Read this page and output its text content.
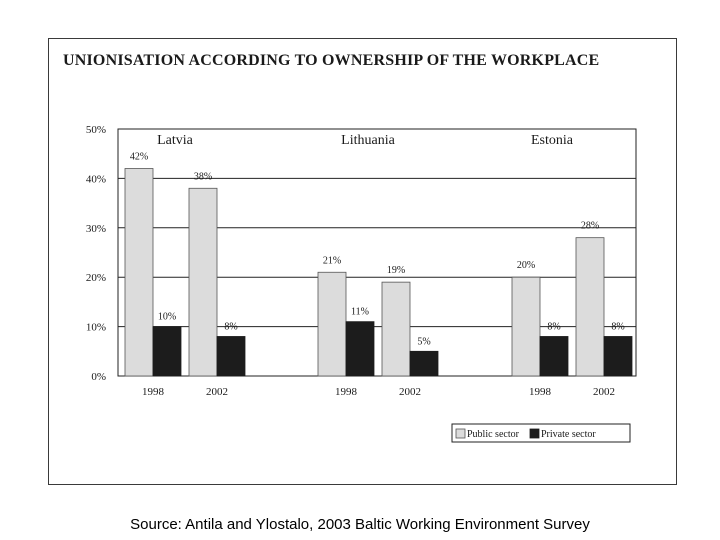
UNIONISATION ACCORDING TO OWNERSHIP OF THE WORKPLACE
0%
10%
20%
30%
40%
50%
42%
10%
1998
38%
8%
2002
21%
11%
1998
19%
5%
2002
20%
8%
1998
28%
8%
2002
Latvia	Lithuania	Estonia
Public sector Private sector
Source: Antila and Ylostalo, 2003 Baltic Working Environment Survey
